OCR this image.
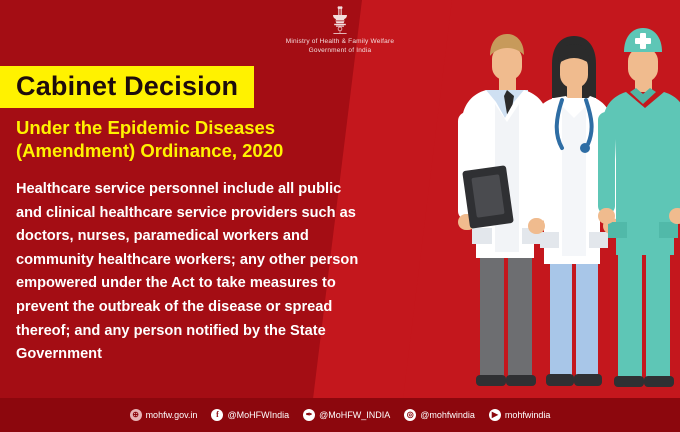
Ministry of Health & Family Welfare
Government of India
Cabinet Decision
Under the Epidemic Diseases (Amendment) Ordinance, 2020
Healthcare service personnel include all public and clinical healthcare service providers such as doctors, nurses, paramedical workers and community healthcare workers; any other person empowered under the Act to take measures to prevent the outbreak of the disease or spread thereof; and any person notified by the State Government
⊕ mohfw.gov.in	f @MoHFWIndia	✒ @MoHFW_INDIA	◎ @mohfwindia	▶ mohfwindia
